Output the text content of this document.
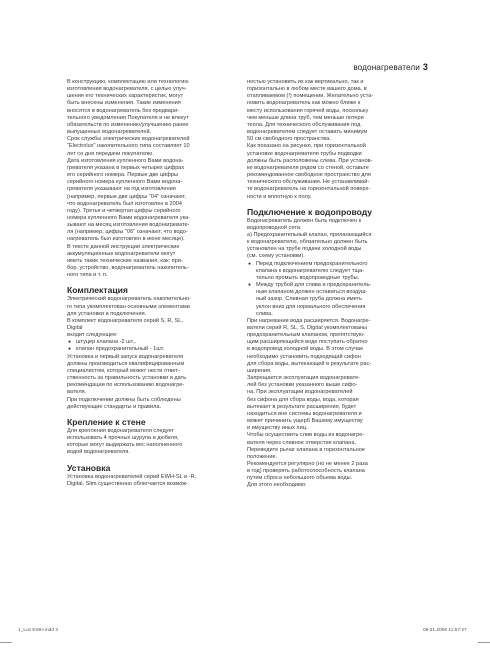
водонагреватели 3

В конструкцию, комплектацию или технологию
изготовления водонагревателя, с целью улуч-
шения его технических характеристик, могут
быть внесены изменения. Такие изменения
вносятся в водонагреватель без предвари-
тельного уведомления Покупателя и не влекут
обязательств по изменению/улучшению ранее
выпущенных водонагревателей.

Срок службы электрических водонагревателей
"Electrolux" накопительного типа составляет 10
лет со дня передачи покупателю.

Дата изготовления купленного Вами водона-
гревателя указана в первых четырех цифрах
его серийного номера. Первые две цифры
серийного номера купленного Вами водона-
гревателя указывают на год изготовления
(например, первые две цифры "04" означают,
что водонагреватель был изготовлен в 2004
году). Третья и четвертая цифры серийного
номера купленного Вами водонагревателя ука-
зывают на месяц изготовления водонагревате-
ля (например, цифры "06" означают, что водо-
нагреватель был изготовлен в июне месяце).

В тексте данной инструкции электрические
аккумуляционные водонагреватели могут
иметь такие технические названия, как: при-
бор, устройство, водонагреватель накопитель-
ного типа и т. п.

Комплектация

Электрический водонагреватель накопительно-
го типа укомплектован основными элементами
для установки и подключения.

В комплект водонагревателя серий S, R, SL,
Digital

входит следующее:

● штуцер клапана -2 шт.,
● клапан предохранительный - 1шт.

Установка и первый запуск водонагревателя
должны производиться квалифицированным
специалистом, который может нести ответ-
ственность за правильность установки и дать
рекомендации по использованию водонагре-
вателя.

При подключении должны быть соблюдены
действующие стандарты и правила.

Крепление к стене

Для крепления водонагревателя следует
использовать 4 прочных шурупа и дюбеля,
которые могут выдержать вес наполненного
водой водонагревателя.

Установка

Установка водонагревателей серий EWH-SL и -R,
Digital, Slim существенно облегчается возмож-

ностью установить их как вертикально, так и
горизонтально в любом месте вашего дома, в
отапливаемом (!) помещении. Желательно уста-
новить водонагреватель как можно ближе к
месту использования горячей воды, поскольку
чем меньше длина труб, тем меньше потери
тепла. Для технического обслуживания под
водонагревателем следует оставить минимум
50 см свободного пространства.

Как показано на рисунке, при горизонтальной
установке водонагревателя трубы подводки
должны быть расположены слева. При установ-
ке водонагревателя рядом со стеной, оставьте
рекомендованное свободное пространство для
технического обслуживания. Не устанавливай-
те водонагреватель на горизонтальной поверх-
ности и вплотную к полу.

Подключение к водопроводу

Водонагреватель должен быть подключен к
водопроводной сети.

a) Предохранительный клапан, прилагающийся
к водонагревателю, обязательно должен быть
установлен на трубе подачи холодной воды
(см. схему установки).

● Перед подключением предохранительного
клапана к водонагревателю следует тща-
тельно промыть водопроводные трубы.
● Между трубой для слива и предохранитель-
ным клапаном должен оставаться воздуш-
ный зазор. Сливная труба должна иметь
уклон вниз для нормального обеспечения
слива.

При нагревании вода расширяется. Водонагре-
ватели серий R, SL, S, Digital укомплектованы
предохранительным клапаном, препятствую-
щим расширяющейся воде поступать обратно
в водопровод холодной воды. В этом случае
необходимо установить подходящий сифон
для сбора воды, вытекающей в результате рас-
ширения.

Запрещается эксплуатация водонагревате-
лей без установки указанного выше сифо-
на. При эксплуатации водонагревателей
без сифона для сбора воды, вода, которая
вытекает в результате расширения, будет
находиться вне системы водонагревателя и
может причинить ущерб Вашему имуществу
и имуществу иных лиц.

Чтобы осуществить слив воды из водонагре-
вателя через сливное отверстие клапана,
Переведите рычаг клапана в горизонтальное
положение.

Рекомендуется регулярно (но не менее 2 раза
в год) проверять работоспособность клапана
путем сброса небольшого объема воды.

Для этого необходимо:

1_Lux EWH.indd 3	09.01.2008 11:57:27
